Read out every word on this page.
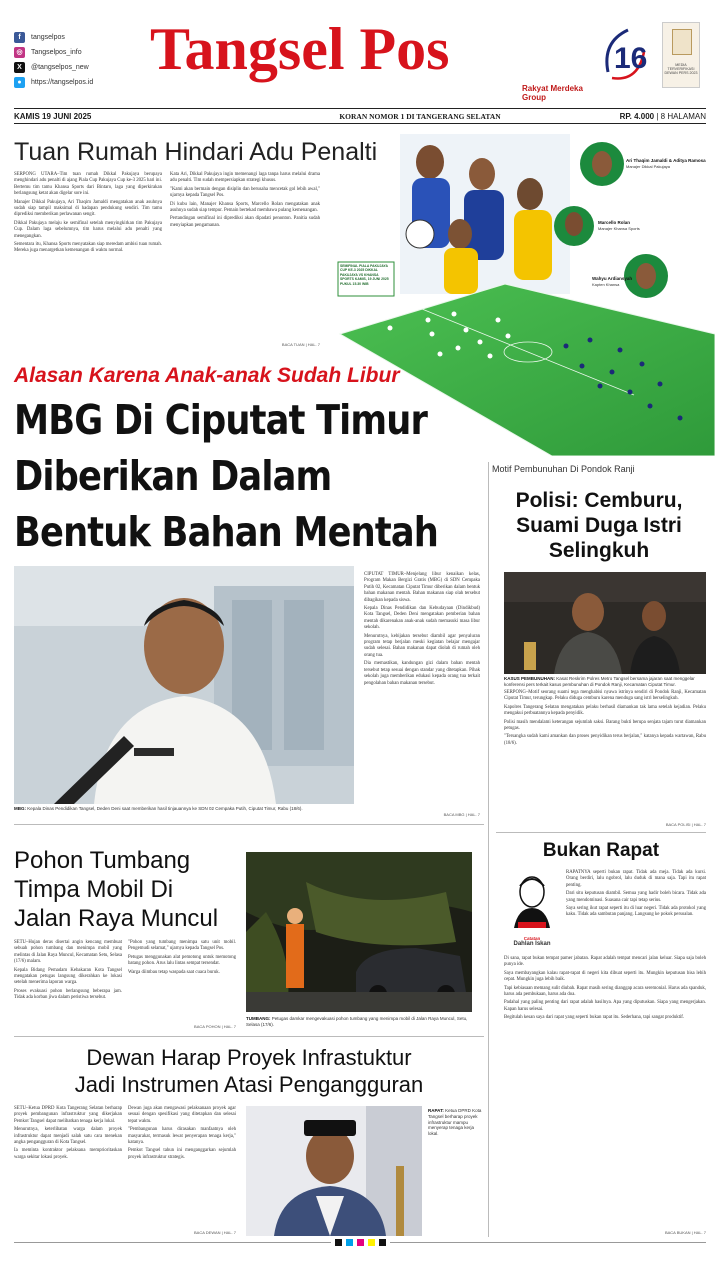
f	tangselpos
◎	Tangselpos_info
X	@tangselpos_new
●	https://tangselpos.id
Tangsel Pos
Rakyat Merdeka Group
16	MEDIA TERVERIFIKASI DEWAN PERS 2023
KAMIS 19 JUNI 2025	KORAN NOMOR 1 DI TANGERANG SELATAN	RP. 4.000 | 8 HALAMAN
Tuan Rumah Hindari Adu Penalti

SERPONG UTARA–Tim tuan rumah Dikkal Pakujaya berupaya menghindari adu penalti di ajang Piala Cup Pakujaya Cup ke-3 2025 hari ini. Bertemu tim tamu Khansa Sports dari Bintaro, laga yang diperkirakan berlangsung ketat akan digelar sore ini.

Manajer Dikkal Pakujaya, Ari Thaqim Jamaldi mengatakan anak asuhnya sudah siap tampil maksimal di hadapan pendukung sendiri. Tim tamu diprediksi memberikan perlawanan sengit.

Dikkal Pakujaya melaju ke semifinal setelah menyingkirkan tim Pakujaya Cup. Dalam laga sebelumnya, tim harus melalui adu penalti yang menegangkan.

Sementara itu, Khansa Sports menyatakan siap meredam ambisi tuan rumah. Mereka juga menargetkan kemenangan di waktu normal.

Kata Ari, Dikkal Pakujaya ingin memenangi laga tanpa harus melalui drama adu penalti. Tim sudah mempersiapkan strategi khusus.

"Kami akan bermain dengan disiplin dan berusaha mencetak gol lebih awal," ujarnya kepada Tangsel Pos.

Di kubu lain, Manajer Khansa Sports, Marcello Rolan mengatakan anak asuhnya sudah siap tempur. Pemain bertekad membawa pulang kemenangan.

Pertandingan semifinal ini diprediksi akan dipadati penonton. Panitia sudah menyiapkan pengamanan.

BACA TUAN | HAL. 7
Ari Thaqim Jamaldi & Aditya Ramosa
Manajer Dikkal Pakujaya
Marcello Rolan
Manajer Khansa Sports
Wahyu Ardiansyah
Kapten Khansa
SEMIFINAL PIALA PAKUJAYA CUP KE-3 2025 DIKKAL PAKUJAYA VS KHANSA SPORTS KAMIS, 19 JUNI 2025 PUKUL 15.30 WIB
Alasan Karena Anak-anak Sudah Libur
MBG Di Ciputat Timur
Diberikan Dalam
Bentuk Bahan Mentah
MBG: Kepala Dinas Pendidikan Tangsel, Deden Deni saat memberikan hasil tinjauannya ke SDN 02 Cempaka Putih, Ciputat Timur, Rabu (18/6).

CIPUTAT TIMUR–Menjelang libur kenaikan kelas, Program Makan Bergizi Gratis (MBG) di SDN Cempaka Putih 02, Kecamatan Ciputat Timur diberikan dalam bentuk bahan makanan mentah. Bahan makanan siap olah tersebut dibagikan kepada siswa.

Kepala Dinas Pendidikan dan Kebudayaan (Dindikbud) Kota Tangsel, Deden Deni mengatakan pemberian bahan mentah dikarenakan anak-anak sudah memasuki masa libur sekolah.

Menurutnya, kebijakan tersebut diambil agar penyaluran program tetap berjalan meski kegiatan belajar mengajar sudah selesai. Bahan makanan dapat diolah di rumah oleh orang tua.

Dia memastikan, kandungan gizi dalam bahan mentah tersebut tetap sesuai dengan standar yang ditetapkan. Pihak sekolah juga memberikan edukasi kepada orang tua terkait pengolahan bahan makanan tersebut.

BACA MBG | HAL. 7
Motif Pembunuhan Di Pondok Ranji
Polisi: Cemburu, Suami Duga Istri Selingkuh
KASUS PEMBUNUHAN: Kasat Reskrim Polres Metro Tangsel bersama jajaran saat menggelar konferensi pers terkait kasus pembunuhan di Pondok Ranji, Kecamatan Ciputat Timur.

SERPONG–Motif seorang suami tega menghabisi nyawa istrinya sendiri di Pondok Ranji, Kecamatan Ciputat Timur, terungkap. Pelaku diduga cemburu karena menduga sang istri berselingkuh.

Kapolres Tangerang Selatan mengatakan pelaku berhasil diamankan tak lama setelah kejadian. Pelaku mengakui perbuatannya kepada penyidik.

Polisi masih mendalami keterangan sejumlah saksi. Barang bukti berupa senjata tajam turut diamankan petugas.

"Tersangka sudah kami amankan dan proses penyidikan terus berjalan," katanya kepada wartawan, Rabu (18/6).

BACA POLISI | HAL. 7
Bukan Rapat
Catatan
Dahlan Iskan

RAPATNYA seperti bukan rapat. Tidak ada meja. Tidak ada kursi. Orang berdiri, lalu ngobrol, lalu duduk di mana saja. Tapi itu rapat penting.

Dari situ keputusan diambil. Semua yang hadir boleh bicara. Tidak ada yang mendominasi. Suasana cair tapi tetap serius.

Saya sering ikut rapat seperti itu di luar negeri. Tidak ada protokol yang kaku. Tidak ada sambutan panjang. Langsung ke pokok persoalan.

Di sana, rapat bukan tempat pamer jabatan. Rapat adalah tempat mencari jalan keluar. Siapa saja boleh punya ide.

Saya membayangkan kalau rapat-rapat di negeri kita dibuat seperti itu. Mungkin keputusan bisa lebih cepat. Mungkin juga lebih baik.

Tapi kebiasaan memang sulit diubah. Rapat masih sering dianggap acara seremonial. Harus ada spanduk, harus ada pembukaan, harus ada doa.

Padahal yang paling penting dari rapat adalah hasilnya. Apa yang diputuskan. Siapa yang mengerjakan. Kapan harus selesai.

Begitulah kesan saya dari rapat yang seperti bukan rapat itu. Sederhana, tapi sangat produktif.

BACA BUKAN | HAL. 7
Pohon Tumbang
Timpa Mobil Di
Jalan Raya Muncul

SETU–Hujan deras disertai angin kencang membuat sebuah pohon tumbang dan menimpa mobil yang melintas di Jalan Raya Muncul, Kecamatan Setu, Selasa (17/6) malam.

Kepala Bidang Pemadam Kebakaran Kota Tangsel mengatakan petugas langsung dikerahkan ke lokasi setelah menerima laporan warga.

Proses evakuasi pohon berlangsung beberapa jam. Tidak ada korban jiwa dalam peristiwa tersebut.

"Pohon yang tumbang menimpa satu unit mobil. Pengemudi selamat," ujarnya kepada Tangsel Pos.

Petugas menggunakan alat pemotong untuk memotong batang pohon. Arus lalu lintas sempat tersendat.

Warga diimbau tetap waspada saat cuaca buruk.

BACA POHON | HAL. 7
TUMBANG: Petugas damkar mengevakuasi pohon tumbang yang menimpa mobil di Jalan Raya Muncul, Setu, Selasa (17/6).
Dewan Harap Proyek Infrastuktur
Jadi Instrumen Atasi Pengangguran

SETU–Ketua DPRD Kota Tangerang Selatan berharap proyek pembangunan infrastruktur yang dikerjakan Pemkot Tangsel dapat melibatkan tenaga kerja lokal.

Menurutnya, keterlibatan warga dalam proyek infrastruktur dapat menjadi salah satu cara menekan angka pengangguran di Kota Tangsel.

Ia meminta kontraktor pelaksana memprioritaskan warga sekitar lokasi proyek.

Dewan juga akan mengawasi pelaksanaan proyek agar sesuai dengan spesifikasi yang ditetapkan dan selesai tepat waktu.

"Pembangunan harus dirasakan manfaatnya oleh masyarakat, termasuk lewat penyerapan tenaga kerja," katanya.

Pemkot Tangsel tahun ini menganggarkan sejumlah proyek infrastruktur strategis.

BACA DEWAN | HAL. 7
RAPAT: Ketua DPRD Kota Tangsel berharap proyek infrastruktur mampu menyerap tenaga kerja lokal.
